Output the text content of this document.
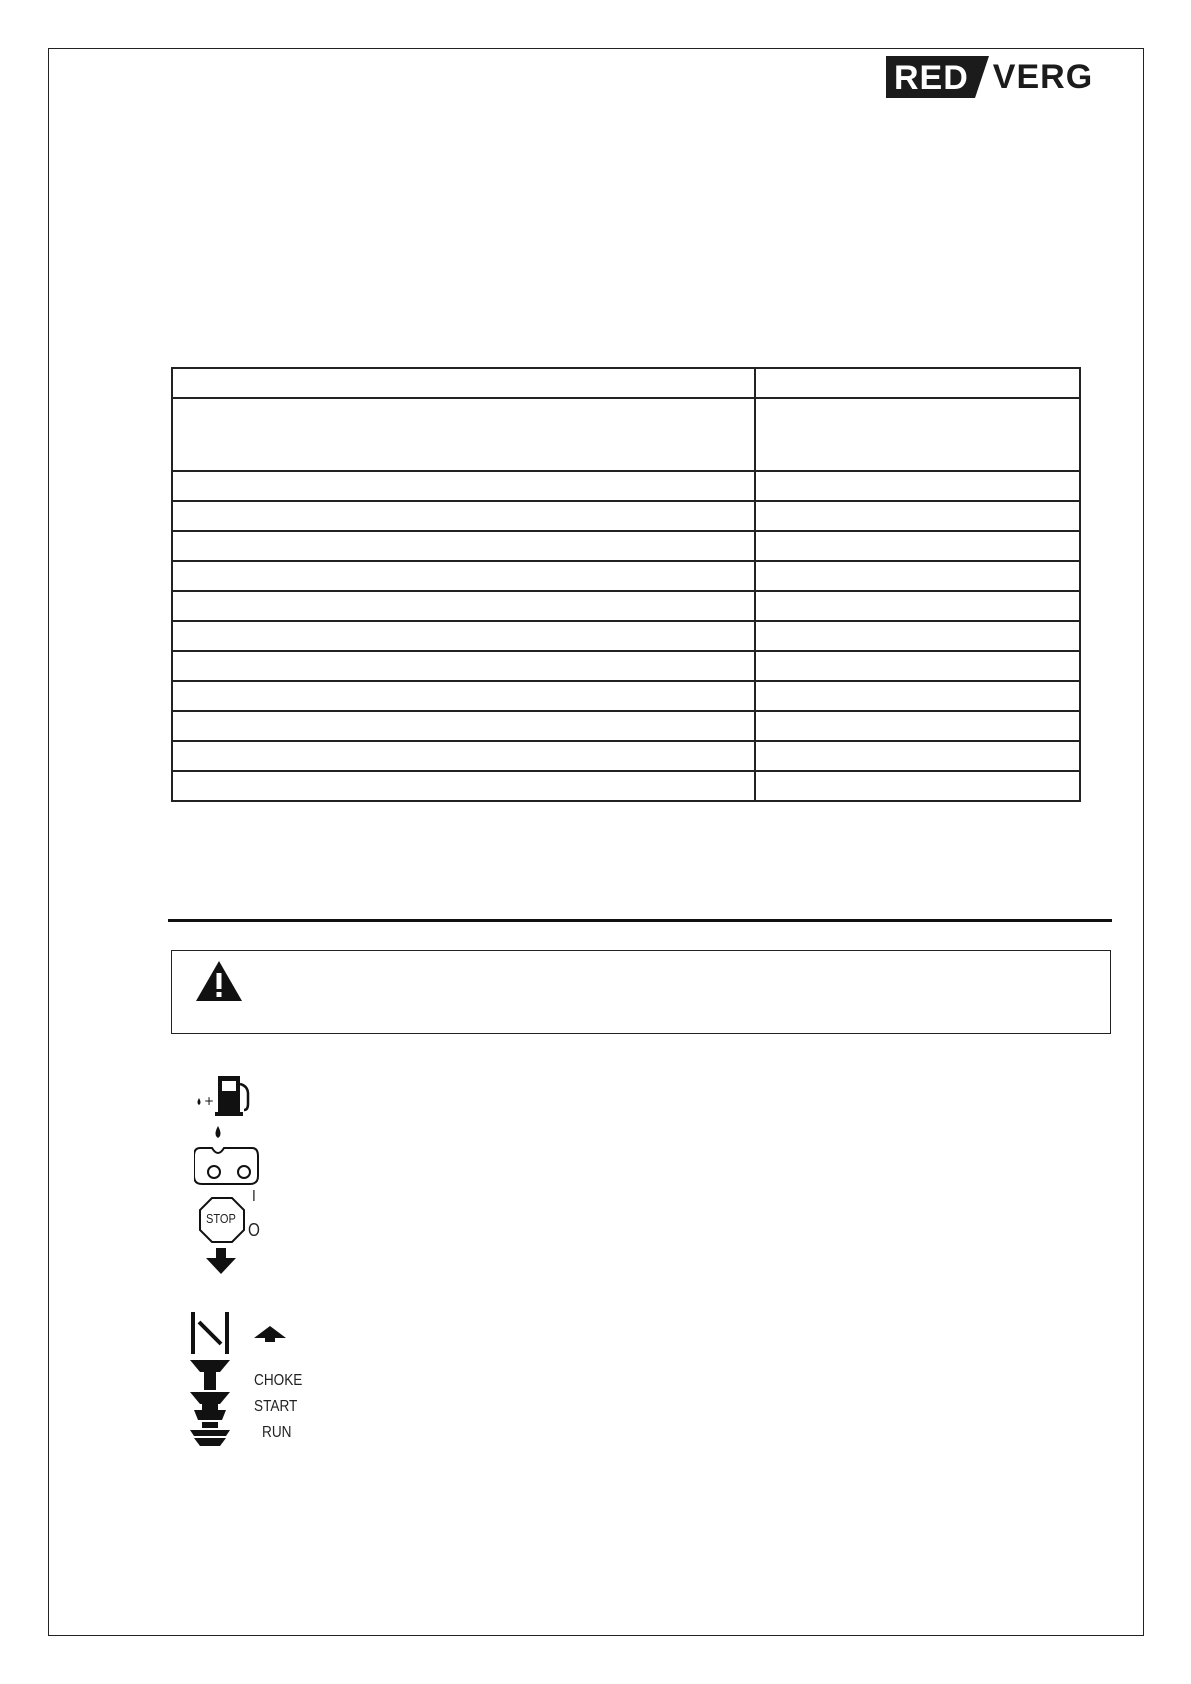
RED VERG

+
STOP
I
O
CHOKE
START
RUN
